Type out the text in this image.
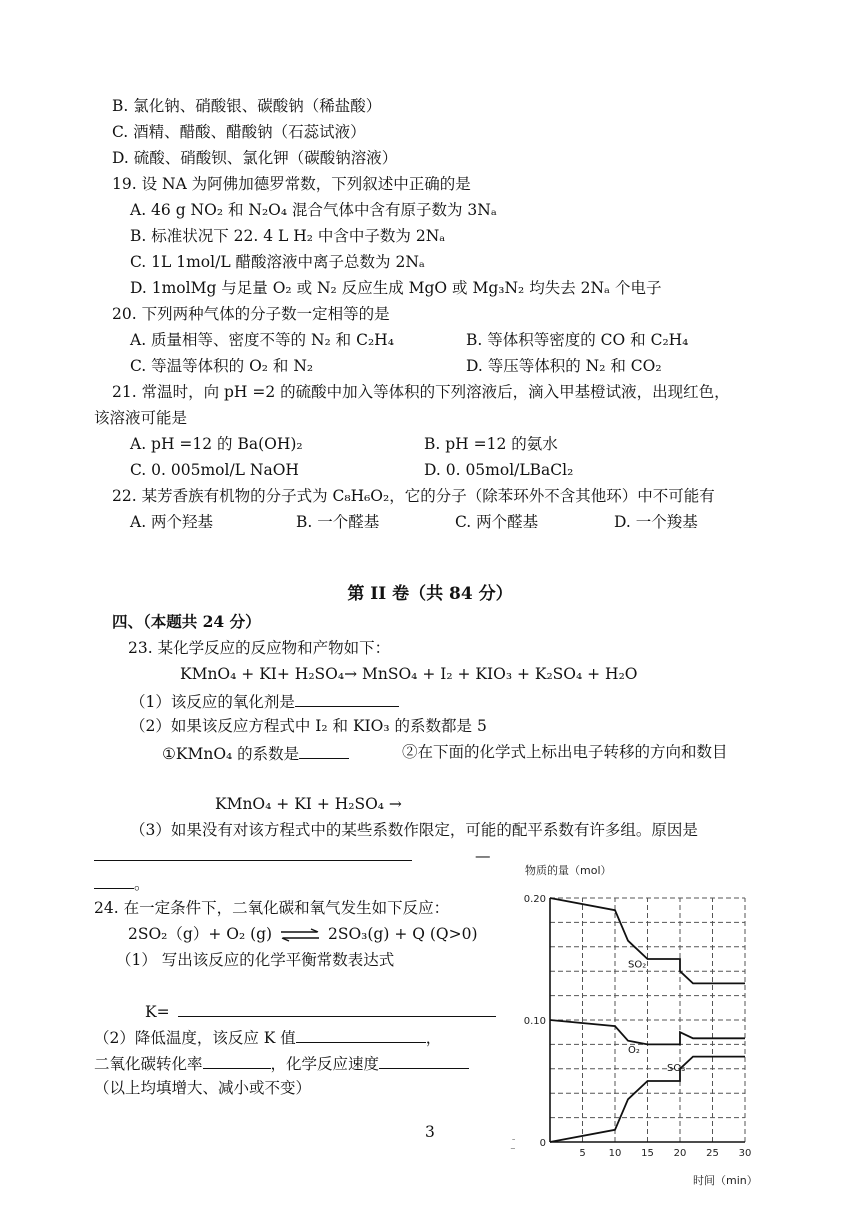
B. 氯化钠、硝酸银、碳酸钠（稀盐酸）
C. 酒精、醋酸、醋酸钠（石蕊试液）
D. 硫酸、硝酸钡、氯化钾（碳酸钠溶液）
19. 设 NA 为阿佛加德罗常数，下列叙述中正确的是
A. 46 g NO₂ 和 N₂O₄ 混合气体中含有原子数为 3Nₐ
B. 标准状况下 22. 4 L H₂ 中含中子数为 2Nₐ
C. 1L 1mol/L 醋酸溶液中离子总数为 2Nₐ
D. 1molMg 与足量 O₂ 或 N₂ 反应生成 MgO 或 Mg₃N₂ 均失去 2Nₐ 个电子
20. 下列两种气体的分子数一定相等的是
A. 质量相等、密度不等的 N₂ 和 C₂H₄	B. 等体积等密度的 CO 和 C₂H₄
C. 等温等体积的 O₂ 和 N₂	D. 等压等体积的 N₂ 和 CO₂
21. 常温时，向 pH =2 的硫酸中加入等体积的下列溶液后，滴入甲基橙试液，出现红色，
该溶液可能是
A. pH =12 的 Ba(OH)₂	B. pH =12 的氨水
C. 0. 005mol/L NaOH	D. 0. 05mol/LBaCl₂
22. 某芳香族有机物的分子式为 C₈H₆O₂，它的分子（除苯环外不含其他环）中不可能有
A. 两个羟基	B. 一个醛基	C. 两个醛基	D. 一个羧基
第 II 卷（共 84 分）
四、（本题共 24 分）
23. 某化学反应的反应物和产物如下：
KMnO₄ + KI+ H₂SO₄→ MnSO₄ + I₂ + KIO₃ + K₂SO₄ + H₂O
（1）该反应的氧化剂是
（2）如果该反应方程式中 I₂ 和 KIO₃ 的系数都是 5
①KMnO₄ 的系数是	②在下面的化学式上标出电子转移的方向和数目
KMnO₄ + KI + H₂SO₄ →
（3）如果没有对该方程式中的某些系数作限定，可能的配平系数有许多组。原因是
—
。
24. 在一定条件下，二氧化碳和氧气发生如下反应：
2SO₂（g）+ O₂ (g) ⇌ 2SO₃(g) + Q (Q>0)
（1） 写出该反应的化学平衡常数表达式
K=
（2）降低温度，该反应 K 值	，
二氧化碳转化率	，化学反应速度
（以上均填增大、减小或不变）
3
二
物质的量（mol）
时间（min）
5 10 15 20 25 30
0
0.10
0.20
SO₂
O₂
SO₃
